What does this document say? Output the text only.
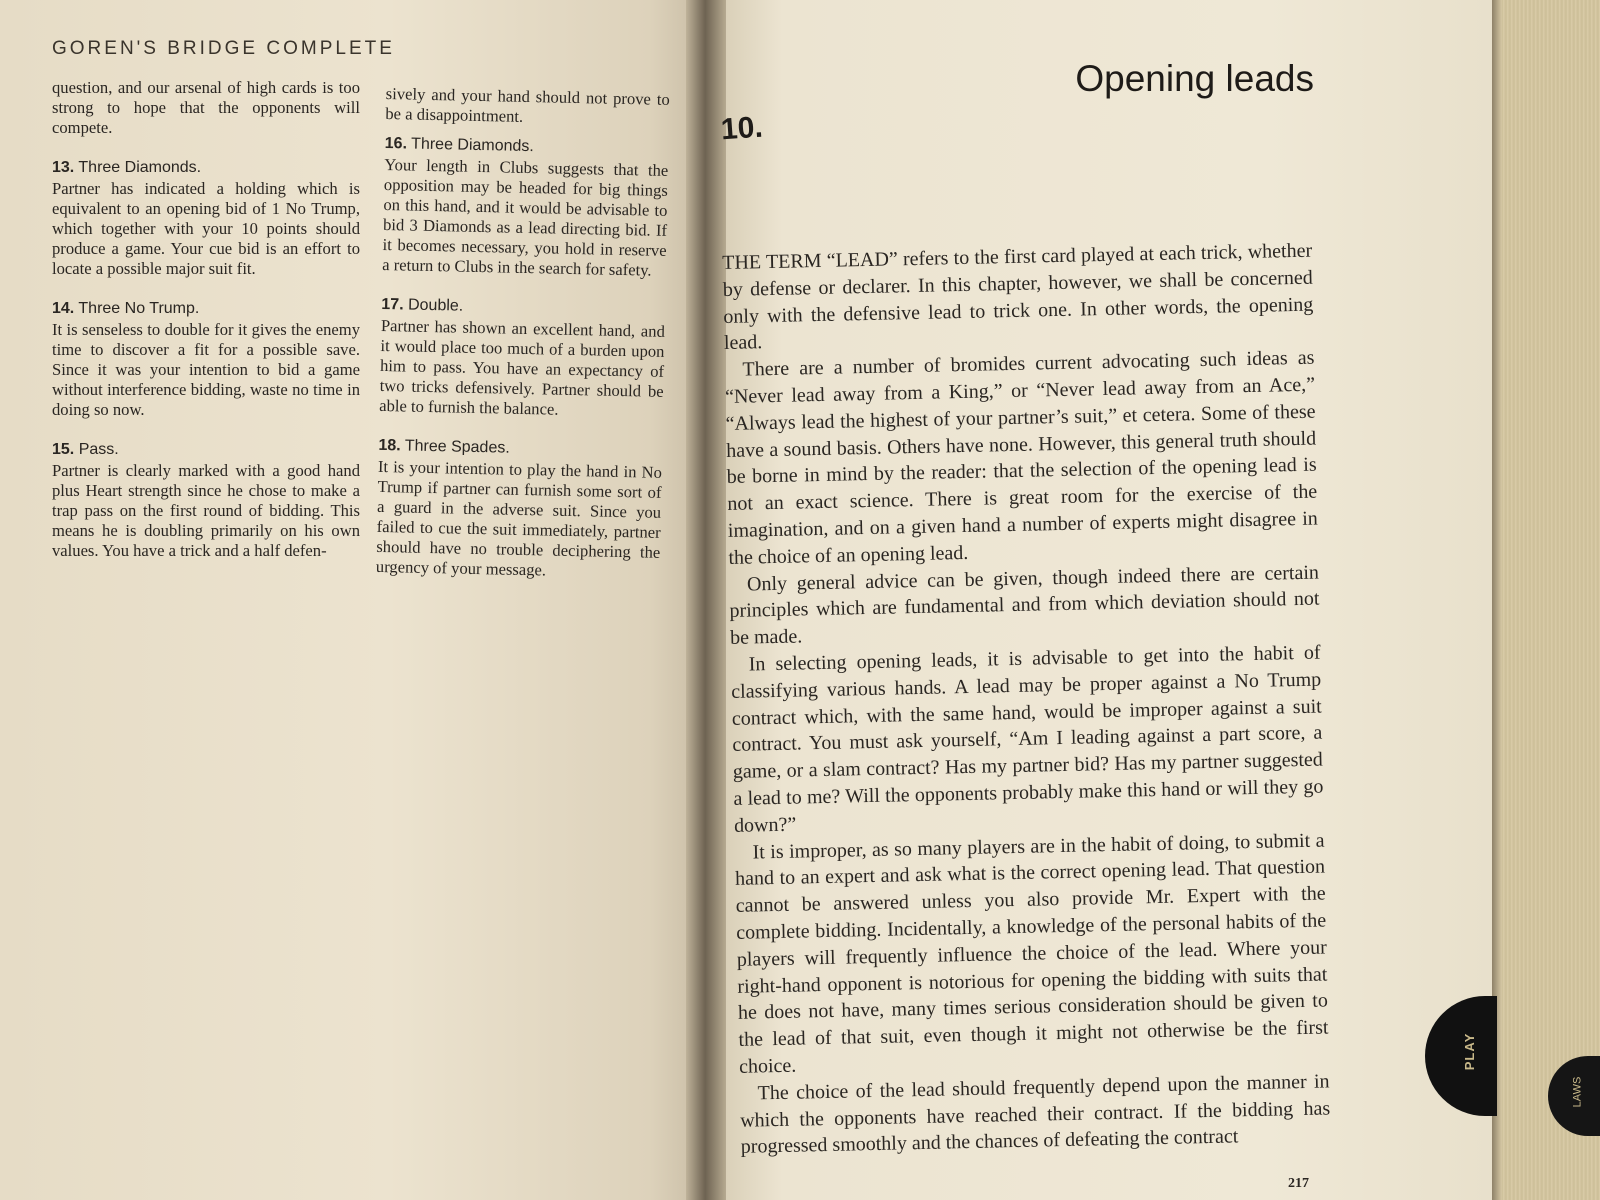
PLAY
LAWS
GOREN'S BRIDGE COMPLETE

question, and our arsenal of high cards is too strong to hope that the opponents will compete.

13. Three Diamonds.

Partner has indicated a holding which is equivalent to an opening bid of 1 No Trump, which together with your 10 points should produce a game. Your cue bid is an effort to locate a possible major suit fit.

14. Three No Trump.

It is senseless to double for it gives the enemy time to discover a fit for a possible save. Since it was your intention to bid a game without interference bidding, waste no time in doing so now.

15. Pass.

Partner is clearly marked with a good hand plus Heart strength since he chose to make a trap pass on the first round of bidding. This means he is doubling primarily on his own values. You have a trick and a half defen-

sively and your hand should not prove to be a disappointment.

16. Three Diamonds.

Your length in Clubs suggests that the opposition may be headed for big things on this hand, and it would be advisable to bid 3 Diamonds as a lead directing bid. If it becomes necessary, you hold in reserve a return to Clubs in the search for safety.

17. Double.

Partner has shown an excellent hand, and it would place too much of a burden upon him to pass. You have an expectancy of two tricks defensively. Partner should be able to furnish the balance.

18. Three Spades.

It is your intention to play the hand in No Trump if partner can furnish some sort of a guard in the adverse suit. Since you failed to cue the suit immediately, partner should have no trouble deciphering the urgency of your message.

10.
Opening leads

THE TERM “LEAD” refers to the first card played at each trick, whether by defense or declarer. In this chapter, however, we shall be concerned only with the defensive lead to trick one. In other words, the opening lead.

There are a number of bromides current advocating such ideas as “Never lead away from a King,” or “Never lead away from an Ace,” “Always lead the highest of your partner’s suit,” et cetera. Some of these have a sound basis. Others have none. However, this general truth should be borne in mind by the reader: that the selection of the opening lead is not an exact science. There is great room for the exercise of the imagination, and on a given hand a number of experts might disagree in the choice of an opening lead.

Only general advice can be given, though indeed there are certain principles which are fundamental and from which deviation should not be made.

In selecting opening leads, it is advisable to get into the habit of classifying various hands. A lead may be proper against a No Trump contract which, with the same hand, would be improper against a suit contract. You must ask yourself, “Am I leading against a part score, a game, or a slam contract? Has my partner bid? Has my partner suggested a lead to me? Will the opponents probably make this hand or will they go down?”

It is improper, as so many players are in the habit of doing, to submit a hand to an expert and ask what is the correct opening lead. That question cannot be answered unless you also provide Mr. Expert with the complete bidding. Incidentally, a knowledge of the personal habits of the players will frequently influence the choice of the lead. Where your right-hand opponent is notorious for opening the bidding with suits that he does not have, many times serious consideration should be given to the lead of that suit, even though it might not otherwise be the first choice.

The choice of the lead should frequently depend upon the manner in which the opponents have reached their contract. If the bidding has progressed smoothly and the chances of defeating the contract

217
